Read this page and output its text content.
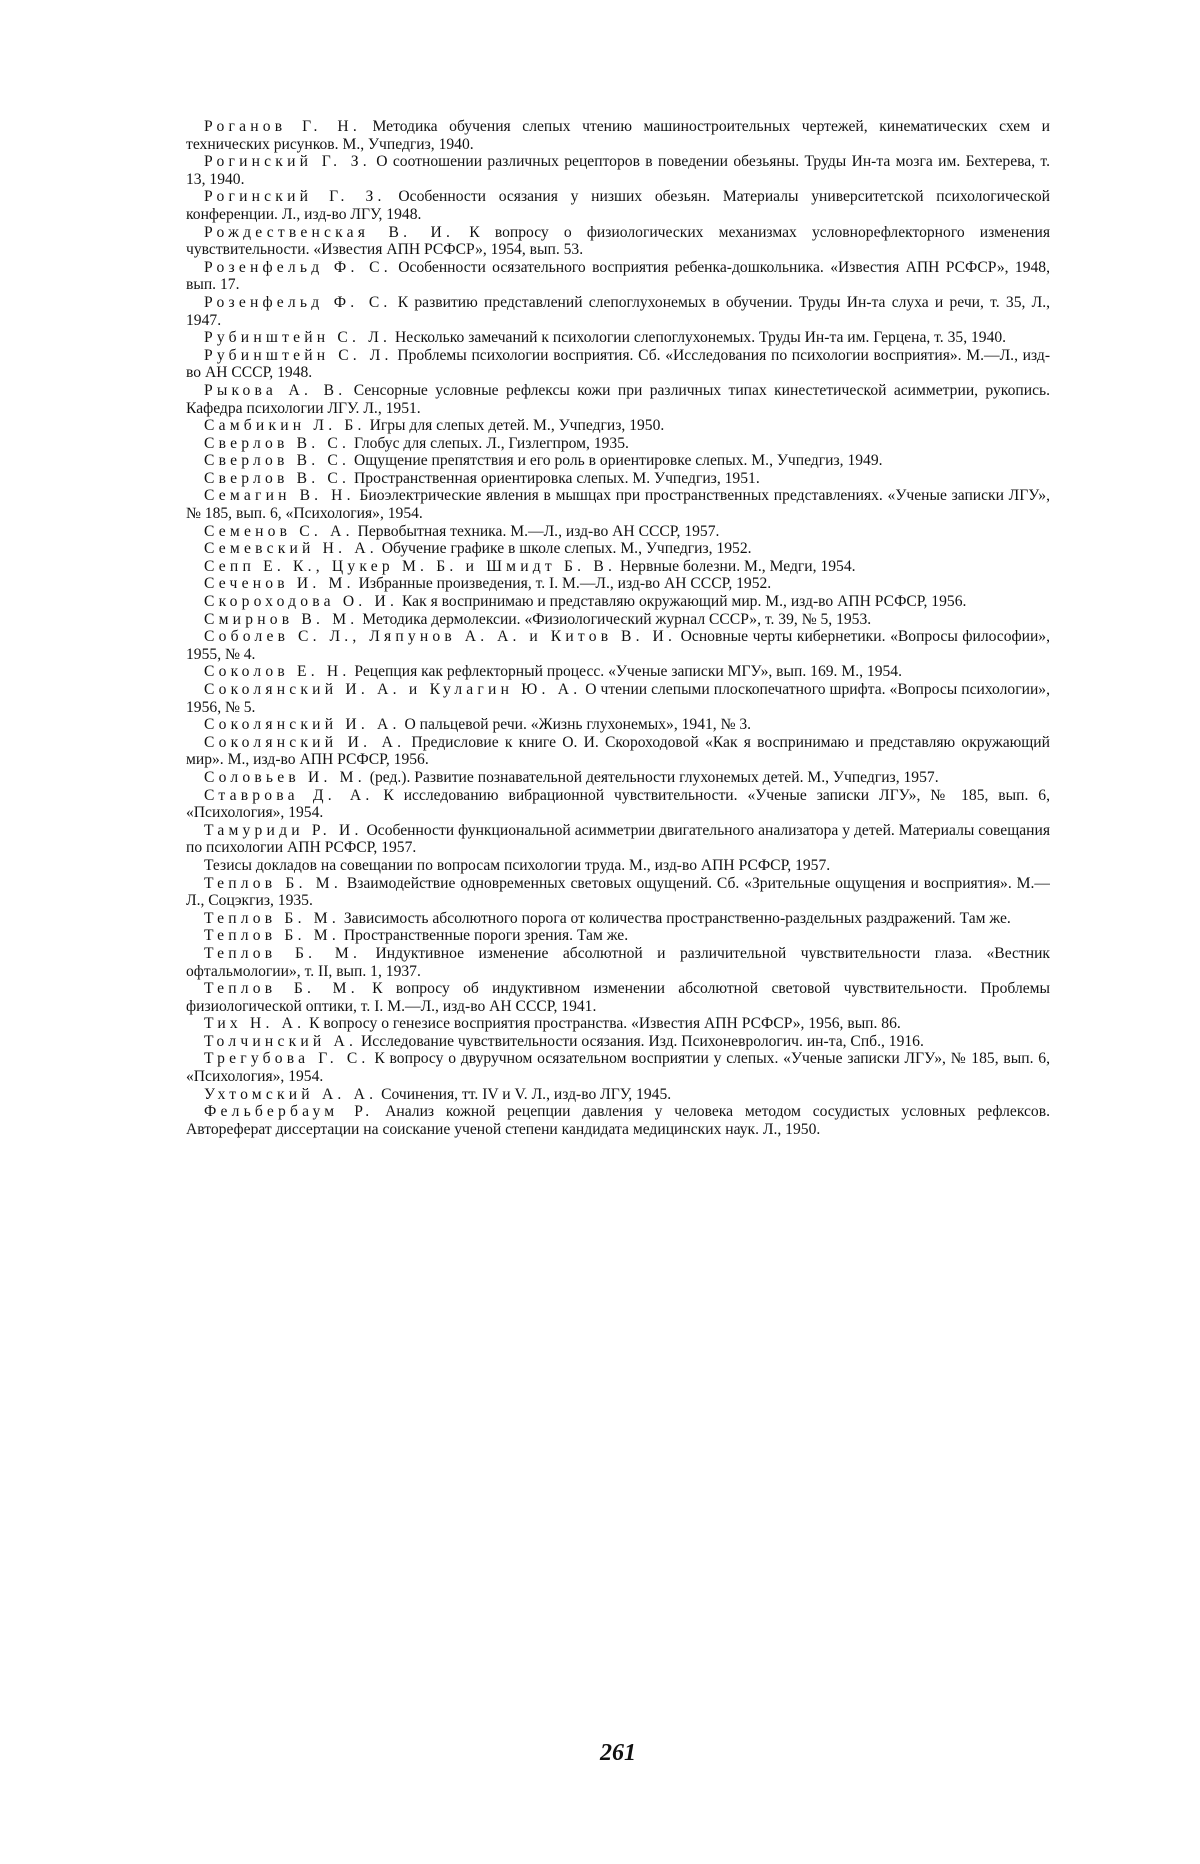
Роганов Г. Н. Методика обучения слепых чтению машиностроительных чертежей, кинематических схем и технических рисунков. М., Учпедгиз, 1940.
Рогинский Г. З. О соотношении различных рецепторов в поведении обезьяны. Труды Ин-та мозга им. Бехтерева, т. 13, 1940.
Рогинский Г. З. Особенности осязания у низших обезьян. Материалы университетской психологической конференции. Л., изд-во ЛГУ, 1948.
Рождественская В. И. К вопросу о физиологических механизмах условнорефлекторного изменения чувствительности. «Известия АПН РСФСР», 1954, вып. 53.
Розенфельд Ф. С. Особенности осязательного восприятия ребенка-дошкольника. «Известия АПН РСФСР», 1948, вып. 17.
Розенфельд Ф. С. К развитию представлений слепоглухонемых в обучении. Труды Ин-та слуха и речи, т. 35, Л., 1947.
Рубинштейн С. Л. Несколько замечаний к психологии слепоглухонемых. Труды Ин-та им. Герцена, т. 35, 1940.
Рубинштейн С. Л. Проблемы психологии восприятия. Сб. «Исследования по психологии восприятия». М.—Л., изд-во АН СССР, 1948.
Рыкова А. В. Сенсорные условные рефлексы кожи при различных типах кинестетической асимметрии, рукопись. Кафедра психологии ЛГУ. Л., 1951.
Самбикин Л. Б. Игры для слепых детей. М., Учпедгиз, 1950.
Сверлов В. С. Глобус для слепых. Л., Гизлегпром, 1935.
Сверлов В. С. Ощущение препятствия и его роль в ориентировке слепых. М., Учпедгиз, 1949.
Сверлов В. С. Пространственная ориентировка слепых. М. Учпедгиз, 1951.
Семагин В. Н. Биоэлектрические явления в мышцах при пространственных представлениях. «Ученые записки ЛГУ», № 185, вып. 6, «Психология», 1954.
Семенов С. А. Первобытная техника. М.—Л., изд-во АН СССР, 1957.
Семевский Н. А. Обучение графике в школе слепых. М., Учпедгиз, 1952.
Сепп Е. К., Цукер М. Б. и Шмидт Б. В. Нервные болезни. М., Медги, 1954.
Сеченов И. М. Избранные произведения, т. I. М.—Л., изд-во АН СССР, 1952.
Скороходова О. И. Как я воспринимаю и представляю окружающий мир. М., изд-во АПН РСФСР, 1956.
Смирнов В. М. Методика дермолексии. «Физиологический журнал СССР», т. 39, № 5, 1953.
Соболев С. Л., Ляпунов А. А. и Китов В. И. Основные черты кибернетики. «Вопросы философии», 1955, № 4.
Соколов Е. Н. Рецепция как рефлекторный процесс. «Ученые записки МГУ», вып. 169. М., 1954.
Соколянский И. А. и Кулагин Ю. А. О чтении слепыми плоскопечатного шрифта. «Вопросы психологии», 1956, № 5.
Соколянский И. А. О пальцевой речи. «Жизнь глухонемых», 1941, № 3.
Соколянский И. А. Предисловие к книге О. И. Скороходовой «Как я воспринимаю и представляю окружающий мир». М., изд-во АПН РСФСР, 1956.
Соловьев И. М. (ред.). Развитие познавательной деятельности глухонемых детей. М., Учпедгиз, 1957.
Ставрова Д. А. К исследованию вибрационной чувствительности. «Ученые записки ЛГУ», № 185, вып. 6, «Психология», 1954.
Тамуриди Р. И. Особенности функциональной асимметрии двигательного анализатора у детей. Материалы совещания по психологии АПН РСФСР, 1957.
Тезисы докладов на совещании по вопросам психологии труда. М., изд-во АПН РСФСР, 1957.
Теплов Б. М. Взаимодействие одновременных световых ощущений. Сб. «Зрительные ощущения и восприятия». М.—Л., Соцэкгиз, 1935.
Теплов Б. М. Зависимость абсолютного порога от количества пространственно-раздельных раздражений. Там же.
Теплов Б. М. Пространственные пороги зрения. Там же.
Теплов Б. М. Индуктивное изменение абсолютной и различительной чувствительности глаза. «Вестник офтальмологии», т. II, вып. 1, 1937.
Теплов Б. М. К вопросу об индуктивном изменении абсолютной световой чувствительности. Проблемы физиологической оптики, т. I. М.—Л., изд-во АН СССР, 1941.
Тих Н. А. К вопросу о генезисе восприятия пространства. «Известия АПН РСФСР», 1956, вып. 86.
Толчинский А. Исследование чувствительности осязания. Изд. Психоневрологич. ин-та, Спб., 1916.
Трегубова Г. С. К вопросу о двуручном осязательном восприятии у слепых. «Ученые записки ЛГУ», № 185, вып. 6, «Психология», 1954.
Ухтомский А. А. Сочинения, тт. IV и V. Л., изд-во ЛГУ, 1945.
Фельбербаум Р. Анализ кожной рецепции давления у человека методом сосудистых условных рефлексов. Автореферат диссертации на соискание ученой степени кандидата медицинских наук. Л., 1950.
261
